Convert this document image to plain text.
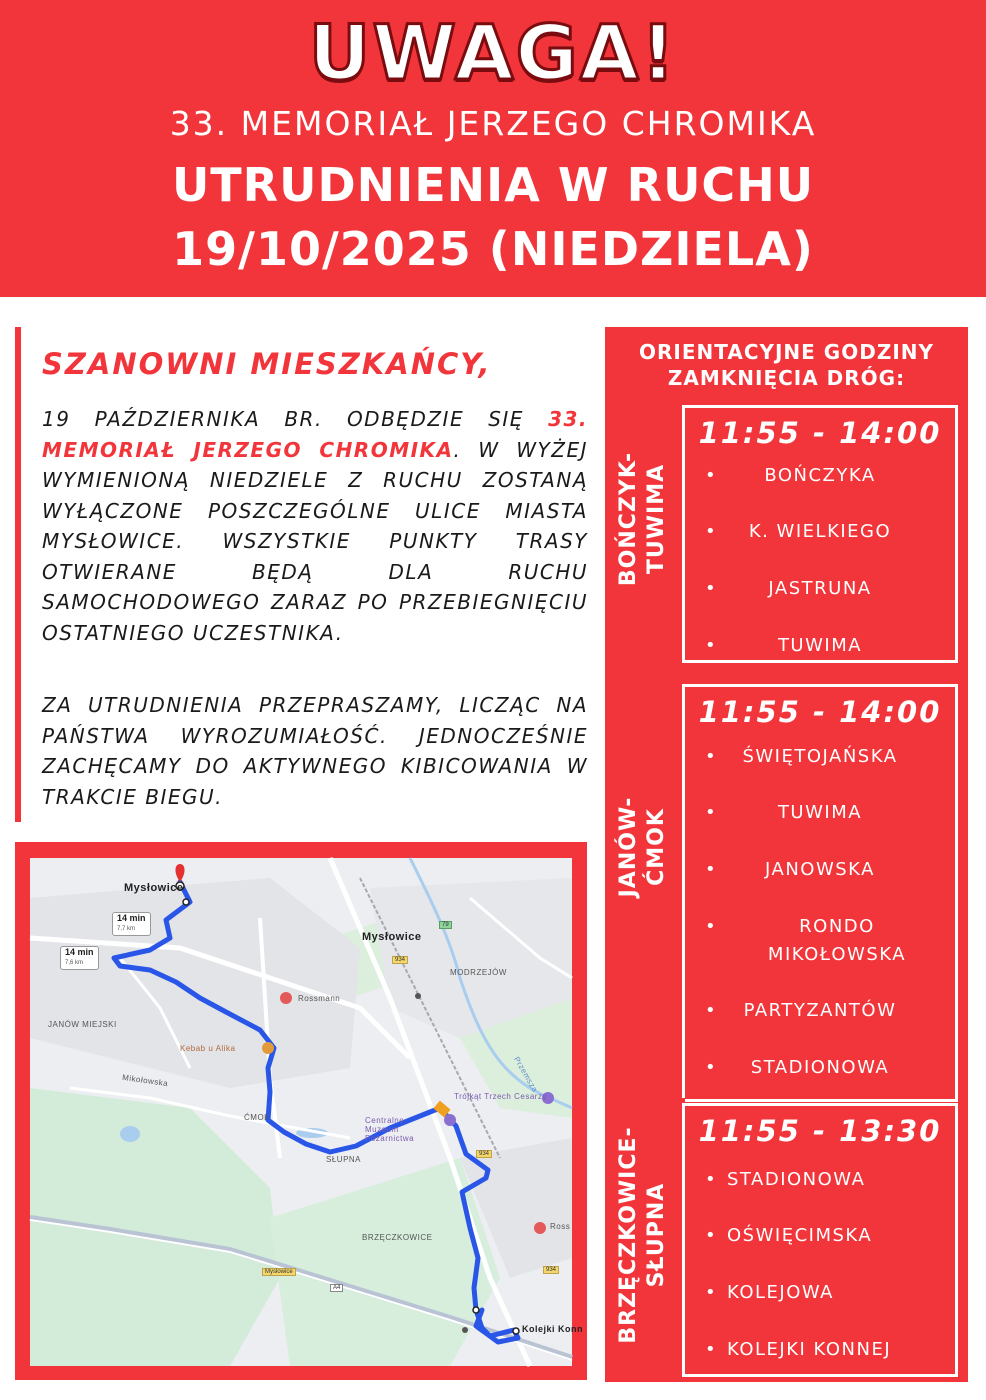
UWAGA!
33. MEMORIAŁ JERZEGO CHROMIKA
UTRUDNIENIA W RUCHU
19/10/2025 (NIEDZIELA)
SZANOWNI MIESZKAŃCY,
19 PAŹDZIERNIKA BR. ODBĘDZIE SIĘ 33. MEMORIAŁ JERZEGO CHROMIKA. W WYŻEJ WYMIENIONĄ NIEDZIELE Z RUCHU ZOSTANĄ WYŁĄCZONE POSZCZEGÓLNE ULICE MIASTA MYSŁOWICE. WSZYSTKIE PUNKTY TRASY OTWIERANE BĘDĄ DLA RUCHU SAMOCHODOWEGO ZARAZ PO PRZEBIEGNIĘCIU OSTATNIEGO UCZESTNIKA.
ZA UTRUDNIENIA PRZEPRASZAMY, LICZĄC NA PAŃSTWA WYROZUMIAŁOŚĆ. JEDNOCZEŚNIE ZACHĘCAMY DO AKTYWNEGO KIBICOWANIA W TRAKCIE BIEGU.
Mysłowice
Mysłowice
MODRZEJÓW
JANÓW MIEJSKI
ĆMOK
SŁUPNA
BRZĘCZKOWICE
Rossmann
Ross
Kebab u Alika
Trójkąt Trzech Cesarzy
Centralne Muzeum Pożarnictwa
Kolejki Konn
Mikołowska	Przemsza
Mysłowice
934
934
934
79
A4
14 min
7,7 km
14 min
7,6 km
ORIENTACYJNE GODZINY ZAMKNIĘCIA DRÓG:
BOŃCZYK- TUWIMA
11:55 - 14:00
• BOŃCZYKA
• K. WIELKIEGO
• JASTRUNA
• TUWIMA
JANÓW- ĆMOK
11:55 - 14:00
• ŚWIĘTOJAŃSKA
• TUWIMA
• JANOWSKA
• RONDO MIKOŁOWSKA
• PARTYZANTÓW
• STADIONOWA
BRZĘCZKOWICE- SŁUPNA
11:55 - 13:30
• STADIONOWA
• OŚWIĘCIMSKA
• KOLEJOWA
• KOLEJKI KONNEJ
